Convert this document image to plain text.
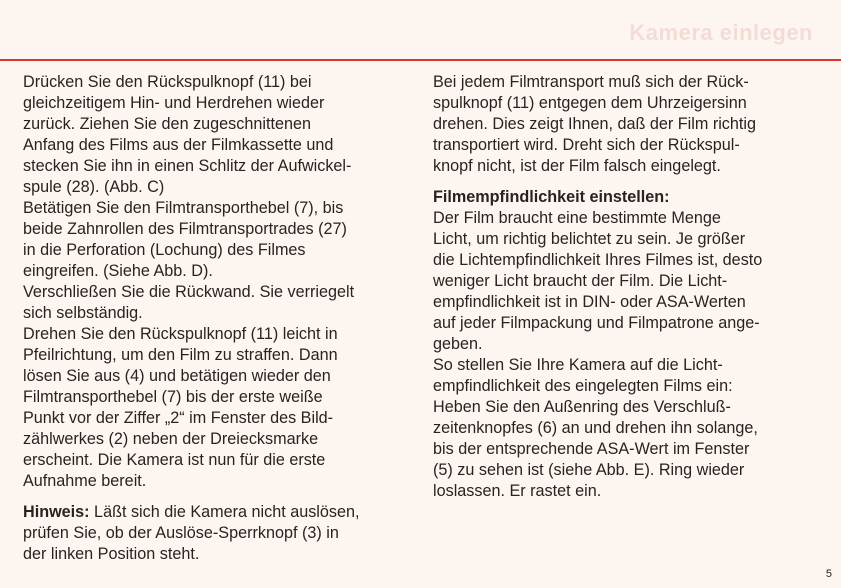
Kamera einlegen
Drücken Sie den Rückspulknopf (11) bei
gleichzeitigem Hin- und Herdrehen wieder
zurück. Ziehen Sie den zugeschnittenen
Anfang des Films aus der Filmkassette und
stecken Sie ihn in einen Schlitz der Aufwickel-
spule (28). (Abb. C)
Betätigen Sie den Filmtransporthebel (7), bis
beide Zahnrollen des Filmtransportrades (27)
in die Perforation (Lochung) des Filmes
eingreifen. (Siehe Abb. D).
Verschließen Sie die Rückwand. Sie verriegelt
sich selbständig.
Drehen Sie den Rückspulknopf (11) leicht in
Pfeilrichtung, um den Film zu straffen. Dann
lösen Sie aus (4) und betätigen wieder den
Filmtransporthebel (7) bis der erste weiße
Punkt vor der Ziffer „2“ im Fenster des Bild-
zählwerkes (2) neben der Dreiecksmarke
erscheint. Die Kamera ist nun für die erste
Aufnahme bereit.
Hinweis: Läßt sich die Kamera nicht auslösen,
prüfen Sie, ob der Auslöse-Sperrknopf (3) in
der linken Position steht.
Bei jedem Filmtransport muß sich der Rück-
spulknopf (11) entgegen dem Uhrzeigersinn
drehen. Dies zeigt Ihnen, daß der Film richtig
transportiert wird. Dreht sich der Rückspul-
knopf nicht, ist der Film falsch eingelegt.
Filmempfindlichkeit einstellen:
Der Film braucht eine bestimmte Menge
Licht, um richtig belichtet zu sein. Je größer
die Lichtempfindlichkeit Ihres Filmes ist, desto
weniger Licht braucht der Film. Die Licht-
empfindlichkeit ist in DIN- oder ASA-Werten
auf jeder Filmpackung und Filmpatrone ange-
geben.
So stellen Sie Ihre Kamera auf die Licht-
empfindlichkeit des eingelegten Films ein:
Heben Sie den Außenring des Verschluß-
zeitenknopfes (6) an und drehen ihn solange,
bis der entsprechende ASA-Wert im Fenster
(5) zu sehen ist (siehe Abb. E). Ring wieder
loslassen. Er rastet ein.
5
